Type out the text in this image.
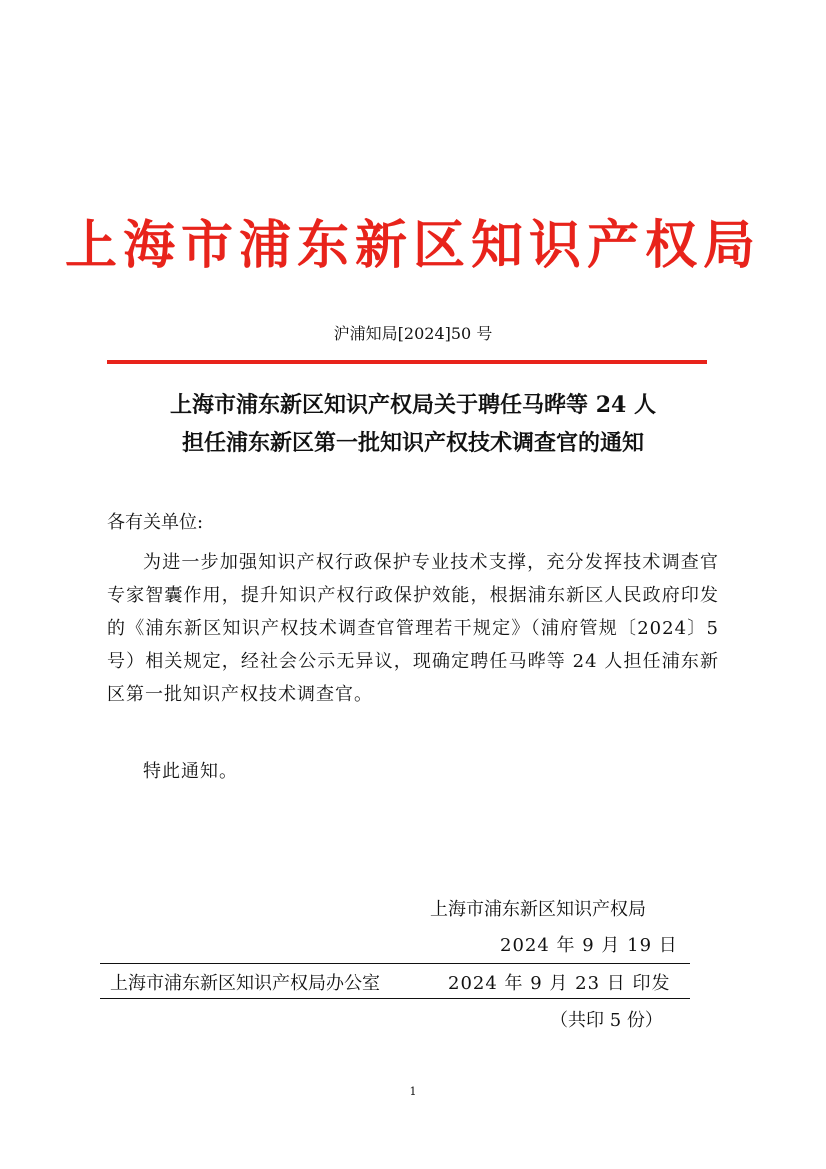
上海市浦东新区知识产权局
沪浦知局[2024]50 号
上海市浦东新区知识产权局关于聘任马晔等 24 人
担任浦东新区第一批知识产权技术调查官的通知
各有关单位:
为进一步加强知识产权行政保护专业技术支撑，充分发挥技术调查官专家智囊作用，提升知识产权行政保护效能，根据浦东新区人民政府印发的《浦东新区知识产权技术调查官管理若干规定》（浦府管规〔2024〕5 号）相关规定，经社会公示无异议，现确定聘任马晔等 24 人担任浦东新区第一批知识产权技术调查官。
特此通知。
上海市浦东新区知识产权局
2024 年 9 月 19 日
上海市浦东新区知识产权局办公室	2024 年 9 月 23 日 印发
（共印 5 份）
1
